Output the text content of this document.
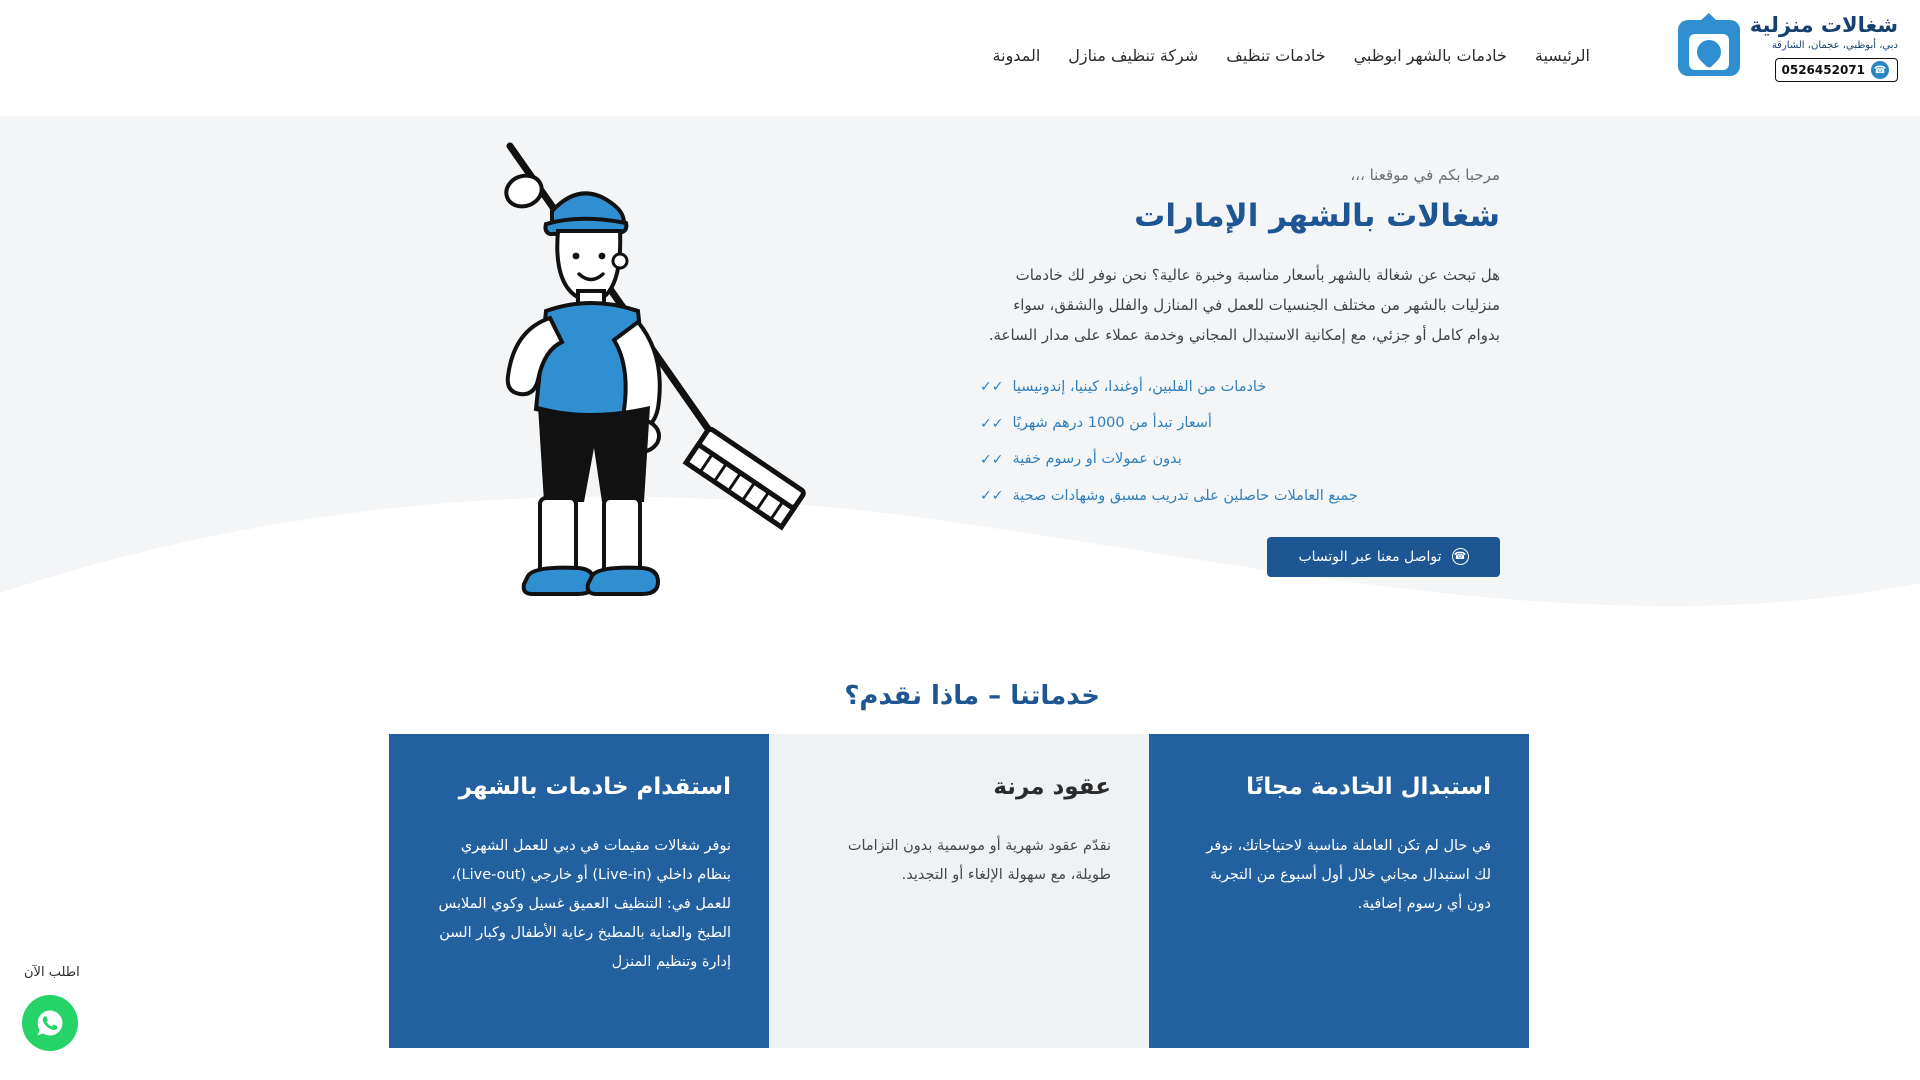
شغالات منزلية
دبي، أبوظبي، عجمان، الشارقة
☎
0526452071
الرئيسية
خادمات بالشهر ابوظبي
خادمات تنظيف
شركة تنظيف منازل
المدونة
مرحبا بكم في موقعنا ،،،
شغالات بالشهر الإمارات

هل تبحث عن شغالة بالشهر بأسعار مناسبة وخبرة عالية؟ نحن نوفر لك خادمات منزليات بالشهر من مختلف الجنسيات للعمل في المنازل والفلل والشقق، سواء بدوام كامل أو جزئي، مع إمكانية الاستبدال المجاني وخدمة عملاء على مدار الساعة.

✓✓ خادمات من الفلبين، أوغندا، كينيا، إندونيسيا
✓✓ أسعار تبدأ من 1000 درهم شهريًا
✓✓ بدون عمولات أو رسوم خفية
✓✓ جميع العاملات حاصلين على تدريب مسبق وشهادات صحية
☎
تواصل معنا عبر الوتساب
خدماتنا – ماذا نقدم؟
استقدام خادمات بالشهر
نوفر شغالات مقيمات في دبي للعمل الشهري بنظام داخلي (Live-in) أو خارجي (Live-out)، للعمل في: التنظيف العميق غسيل وكوي الملابس الطبخ والعناية بالمطبخ رعاية الأطفال وكبار السن إدارة وتنظيم المنزل
عقود مرنة
نقدّم عقود شهرية أو موسمية بدون التزامات طويلة، مع سهولة الإلغاء أو التجديد.
استبدال الخادمة مجانًا
في حال لم تكن العاملة مناسبة لاحتياجاتك، نوفر لك استبدال مجاني خلال أول أسبوع من التجربة دون أي رسوم إضافية.
اطلب الآن
